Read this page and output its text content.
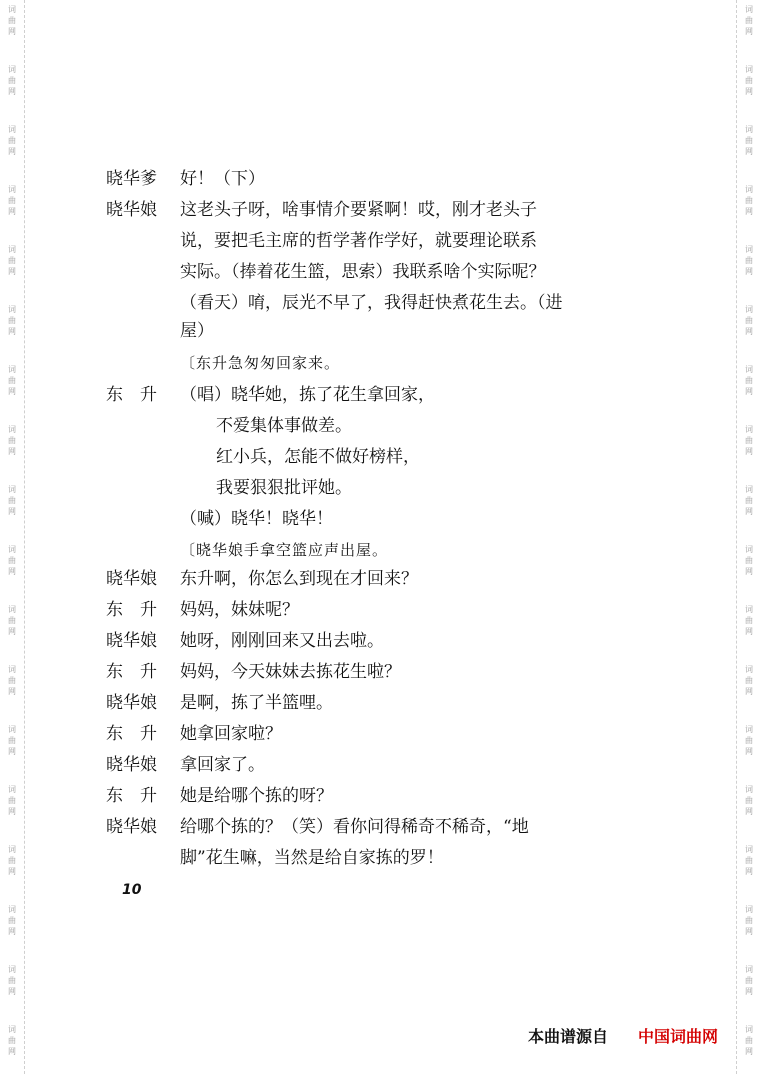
词
曲
网
词
曲
网
词
曲
网
词
曲
网
词
曲
网
词
曲
网
词
曲
网
词
曲
网
词
曲
网
词
曲
网
词
曲
网
词
曲
网
词
曲
网
词
曲
网
词
曲
网
词
曲
网
词
曲
网
词
曲
网
词
曲
网
词
曲
网
词
曲
网
词
曲
网
词
曲
网
词
曲
网
词
曲
网
词
曲
网
词
曲
网
词
曲
网
词
曲
网
词
曲
网
词
曲
网
词
曲
网
词
曲
网
词
曲
网
词
曲
网
词
曲
网
晓华爹 好！（下）
晓华娘 这老头子呀，啥事情介要紧啊！哎，刚才老头子
说，要把毛主席的哲学著作学好，就要理论联系
实际。（捧着花生篮，思索）我联系啥个实际呢？
（看天）唷，辰光不早了，我得赶快煮花生去。（进
屋）
〔东升急匆匆回家来。
东　升 （唱）晓华她，拣了花生拿回家，
不爱集体事做差。
红小兵，怎能不做好榜样，
我要狠狠批评她。
（喊）晓华！晓华！
〔晓华娘手拿空篮应声出屋。
晓华娘 东升啊，你怎么到现在才回来？
东　升 妈妈，妹妹呢？
晓华娘 她呀，刚刚回来又出去啦。
东　升 妈妈，今天妹妹去拣花生啦？
晓华娘 是啊，拣了半篮哩。
东　升 她拿回家啦？
晓华娘 拿回家了。
东　升 她是给哪个拣的呀？
晓华娘 给哪个拣的？（笑）看你问得稀奇不稀奇，“地
脚”花生嘛，当然是给自家拣的罗！
10
本曲谱源自 中国词曲网
